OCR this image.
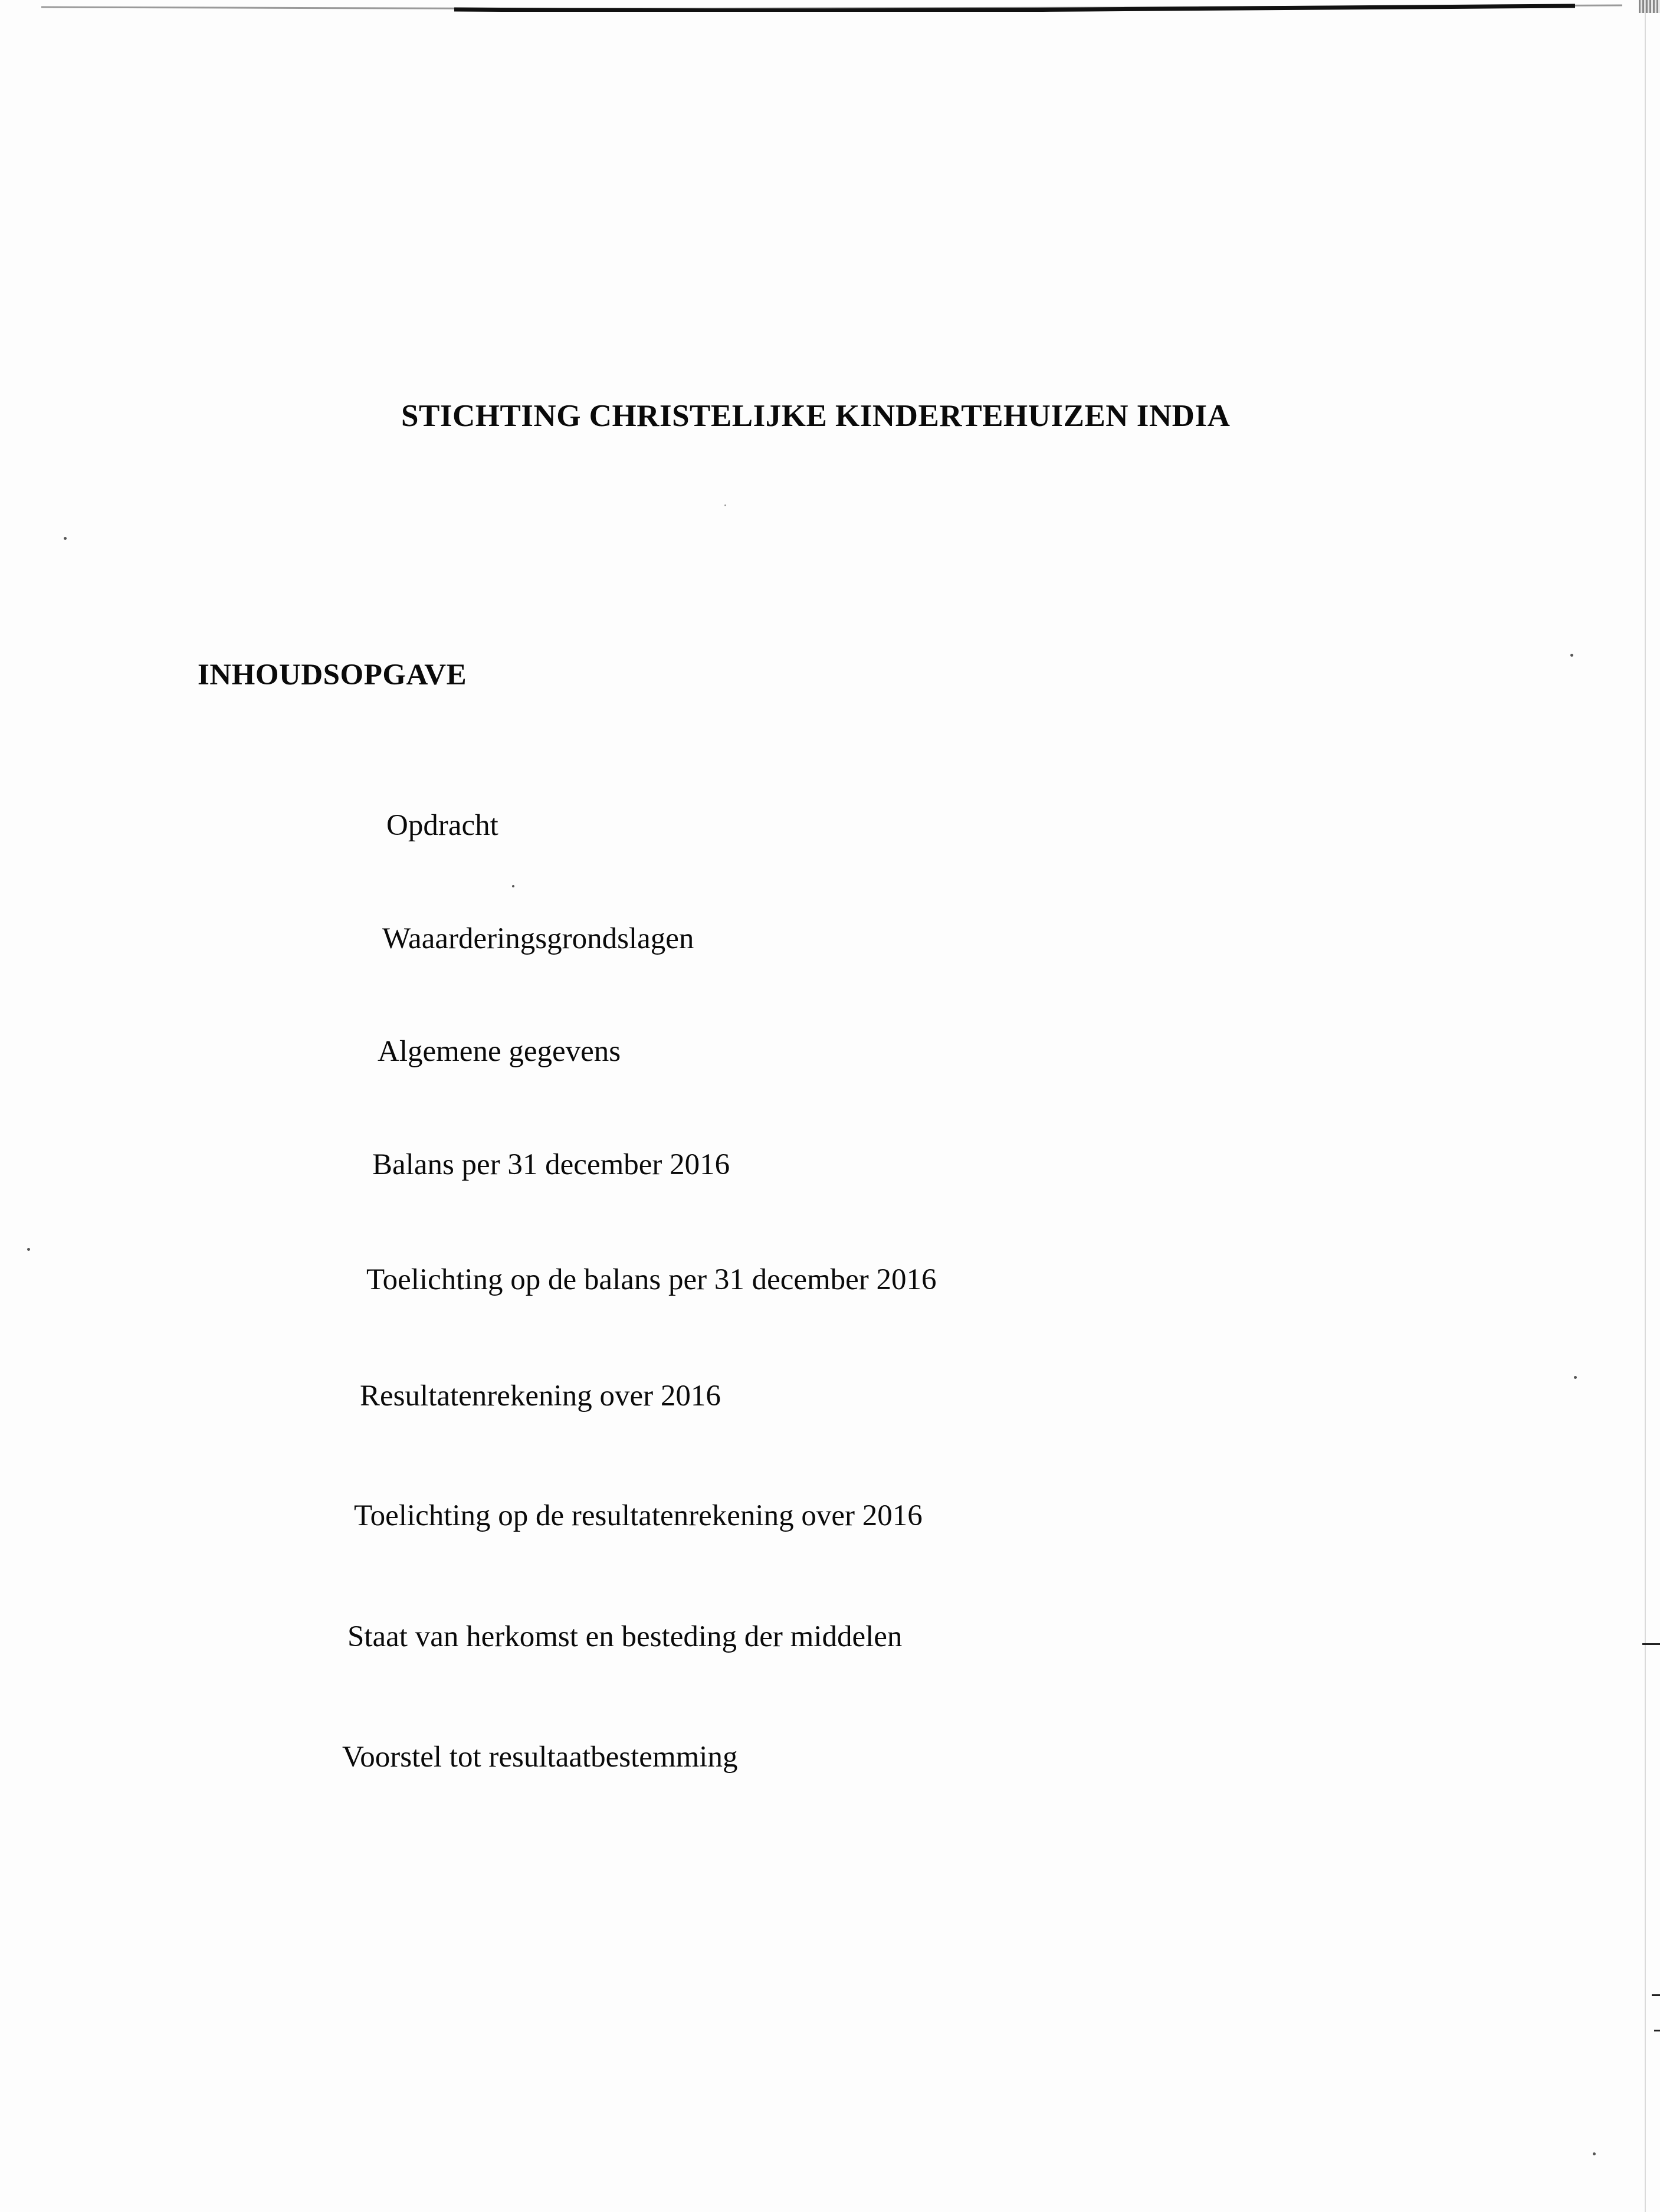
STICHTING CHRISTELIJKE KINDERTEHUIZEN INDIA
INHOUDSOPGAVE
Opdracht
Waaarderingsgrondslagen
Algemene gegevens
Balans per 31 december 2016
Toelichting op de balans per 31 december 2016
Resultatenrekening over 2016
Toelichting op de resultatenrekening over 2016
Staat van herkomst en besteding der middelen
Voorstel tot resultaatbestemming
